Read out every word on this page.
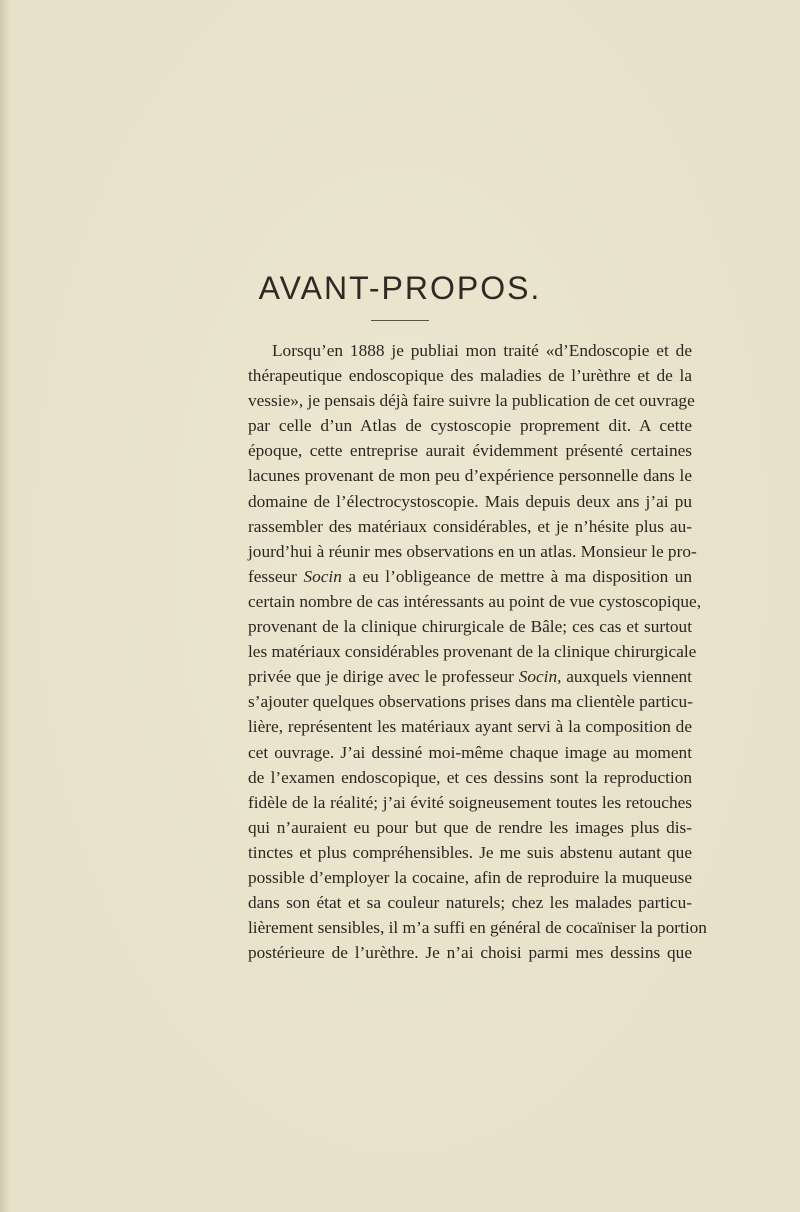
AVANT-PROPOS.
Lorsqu’en 1888 je publiai mon traité «d’Endoscopie et de
thérapeutique endoscopique des maladies de l’urèthre et de la
vessie», je pensais déjà faire suivre la publication de cet ouvrage
par celle d’un Atlas de cystoscopie proprement dit. A cette
époque, cette entreprise aurait évidemment présenté certaines
lacunes provenant de mon peu d’expérience personnelle dans le
domaine de l’électrocystoscopie. Mais depuis deux ans j’ai pu
rassembler des matériaux considérables, et je n’hésite plus au-
jourd’hui à réunir mes observations en un atlas. Monsieur le pro-
fesseur Socin a eu l’obligeance de mettre à ma disposition un
certain nombre de cas intéressants au point de vue cystoscopique,
provenant de la clinique chirurgicale de Bâle; ces cas et surtout
les matériaux considérables provenant de la clinique chirurgicale
privée que je dirige avec le professeur Socin, auxquels viennent
s’ajouter quelques observations prises dans ma clientèle particu-
lière, représentent les matériaux ayant servi à la composition de
cet ouvrage. J’ai dessiné moi-même chaque image au moment
de l’examen endoscopique, et ces dessins sont la reproduction
fidèle de la réalité; j’ai évité soigneusement toutes les retouches
qui n’auraient eu pour but que de rendre les images plus dis-
tinctes et plus compréhensibles. Je me suis abstenu autant que
possible d’employer la cocaine, afin de reproduire la muqueuse
dans son état et sa couleur naturels; chez les malades particu-
lièrement sensibles, il m’a suffi en général de cocaïniser la portion
postérieure de l’urèthre. Je n’ai choisi parmi mes dessins que
